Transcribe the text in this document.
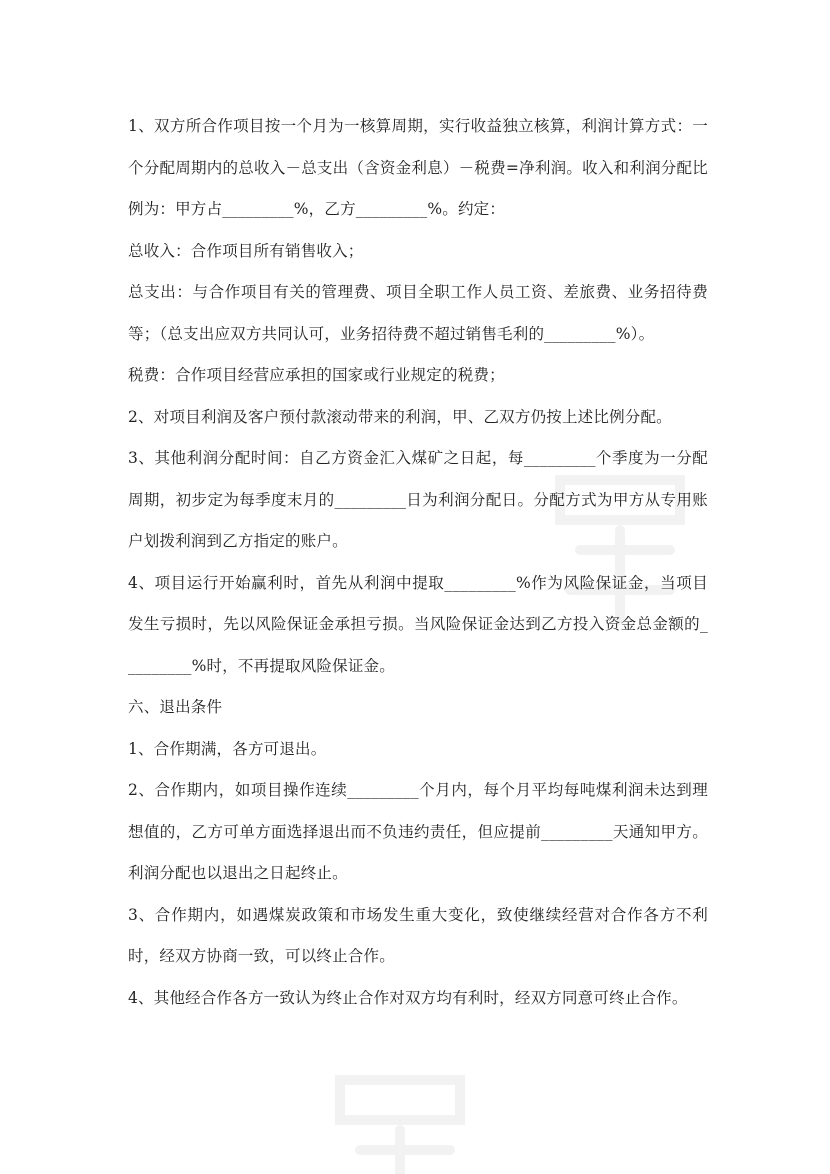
1、双方所合作项目按一个月为一核算周期，实行收益独立核算，利润计算方式：一个分配周期内的总收入－总支出（含资金利息）－税费=净利润。收入和利润分配比例为：甲方占_________%，乙方_________%。约定：

总收入：合作项目所有销售收入；

总支出：与合作项目有关的管理费、项目全职工作人员工资、差旅费、业务招待费等；（总支出应双方共同认可，业务招待费不超过销售毛利的_________%）。

税费：合作项目经营应承担的国家或行业规定的税费；

2、对项目利润及客户预付款滚动带来的利润，甲、乙双方仍按上述比例分配。

3、其他利润分配时间：自乙方资金汇入煤矿之日起，每_________个季度为一分配周期，初步定为每季度末月的_________日为利润分配日。分配方式为甲方从专用账户划拨利润到乙方指定的账户。

4、项目运行开始赢利时，首先从利润中提取_________%作为风险保证金，当项目发生亏损时，先以风险保证金承担亏损。当风险保证金达到乙方投入资金总金额的_________%时，不再提取风险保证金。

六、退出条件

1、合作期满，各方可退出。

2、合作期内，如项目操作连续_________个月内，每个月平均每吨煤利润未达到理想值的，乙方可单方面选择退出而不负违约责任，但应提前_________天通知甲方。利润分配也以退出之日起终止。

3、合作期内，如遇煤炭政策和市场发生重大变化，致使继续经营对合作各方不利时，经双方协商一致，可以终止合作。

4、其他经合作各方一致认为终止合作对双方均有利时，经双方同意可终止合作。
